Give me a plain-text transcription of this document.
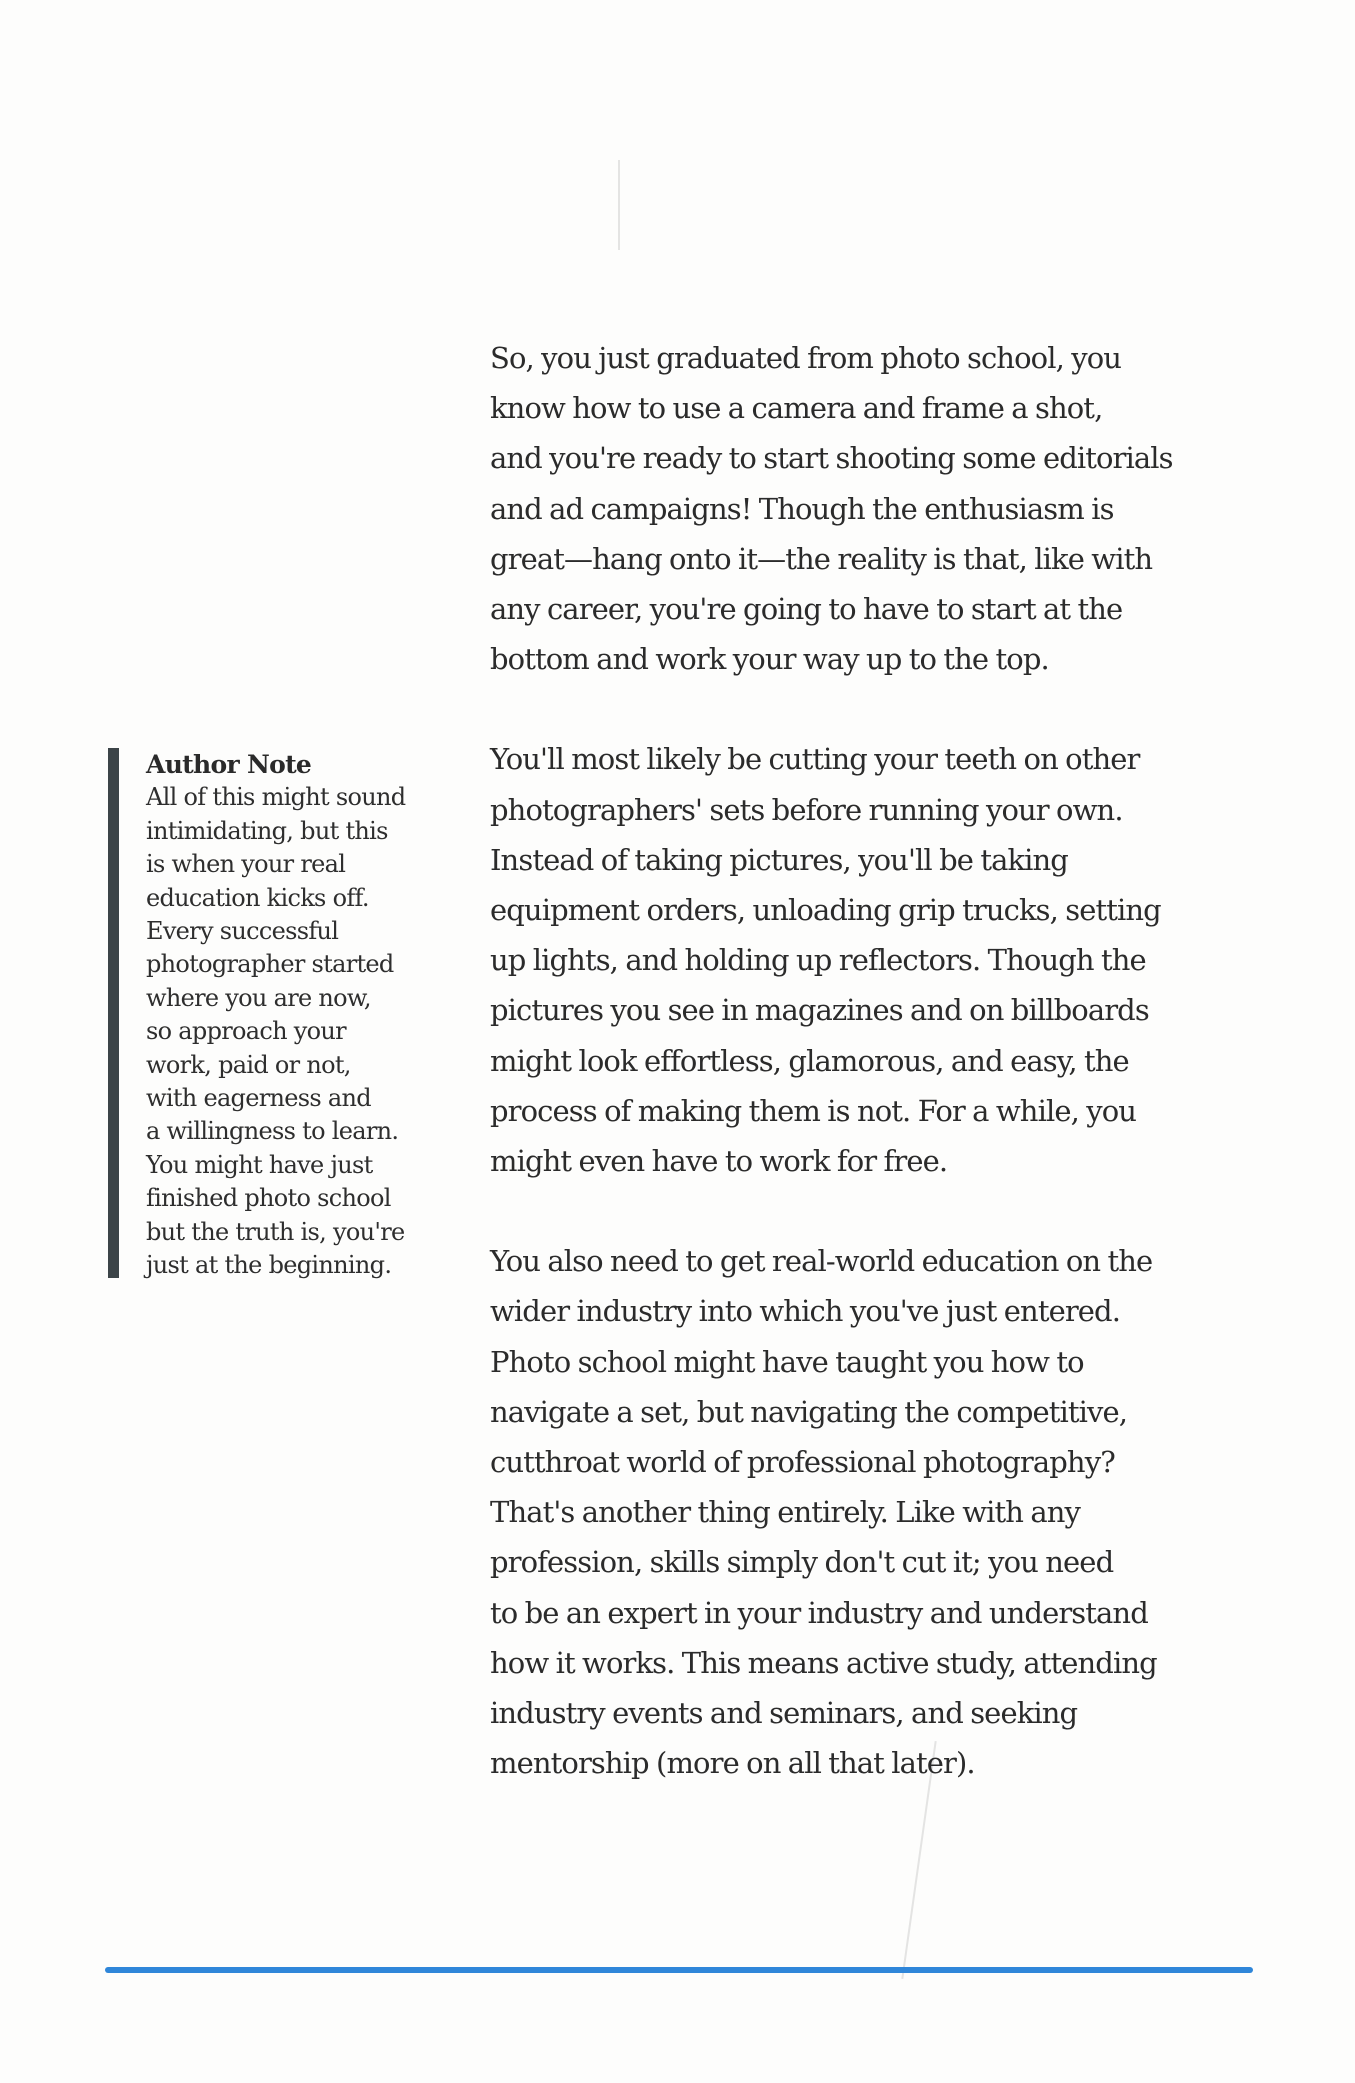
Author Note
All of this might sound
intimidating, but this
is when your real
education kicks off.
Every successful
photographer started
where you are now,
so approach your
work, paid or not,
with eagerness and
a willingness to learn.
You might have just
finished photo school
but the truth is, you're
just at the beginning.

So, you just graduated from photo school, you
know how to use a camera and frame a shot,
and you're ready to start shooting some editorials
and ad campaigns! Though the enthusiasm is
great—hang onto it—the reality is that, like with
any career, you're going to have to start at the
bottom and work your way up to the top.

You'll most likely be cutting your teeth on other
photographers' sets before running your own.
Instead of taking pictures, you'll be taking
equipment orders, unloading grip trucks, setting
up lights, and holding up reflectors. Though the
pictures you see in magazines and on billboards
might look effortless, glamorous, and easy, the
process of making them is not. For a while, you
might even have to work for free.

You also need to get real-world education on the
wider industry into which you've just entered.
Photo school might have taught you how to
navigate a set, but navigating the competitive,
cutthroat world of professional photography?
That's another thing entirely. Like with any
profession, skills simply don't cut it; you need
to be an expert in your industry and understand
how it works. This means active study, attending
industry events and seminars, and seeking
mentorship (more on all that later).
